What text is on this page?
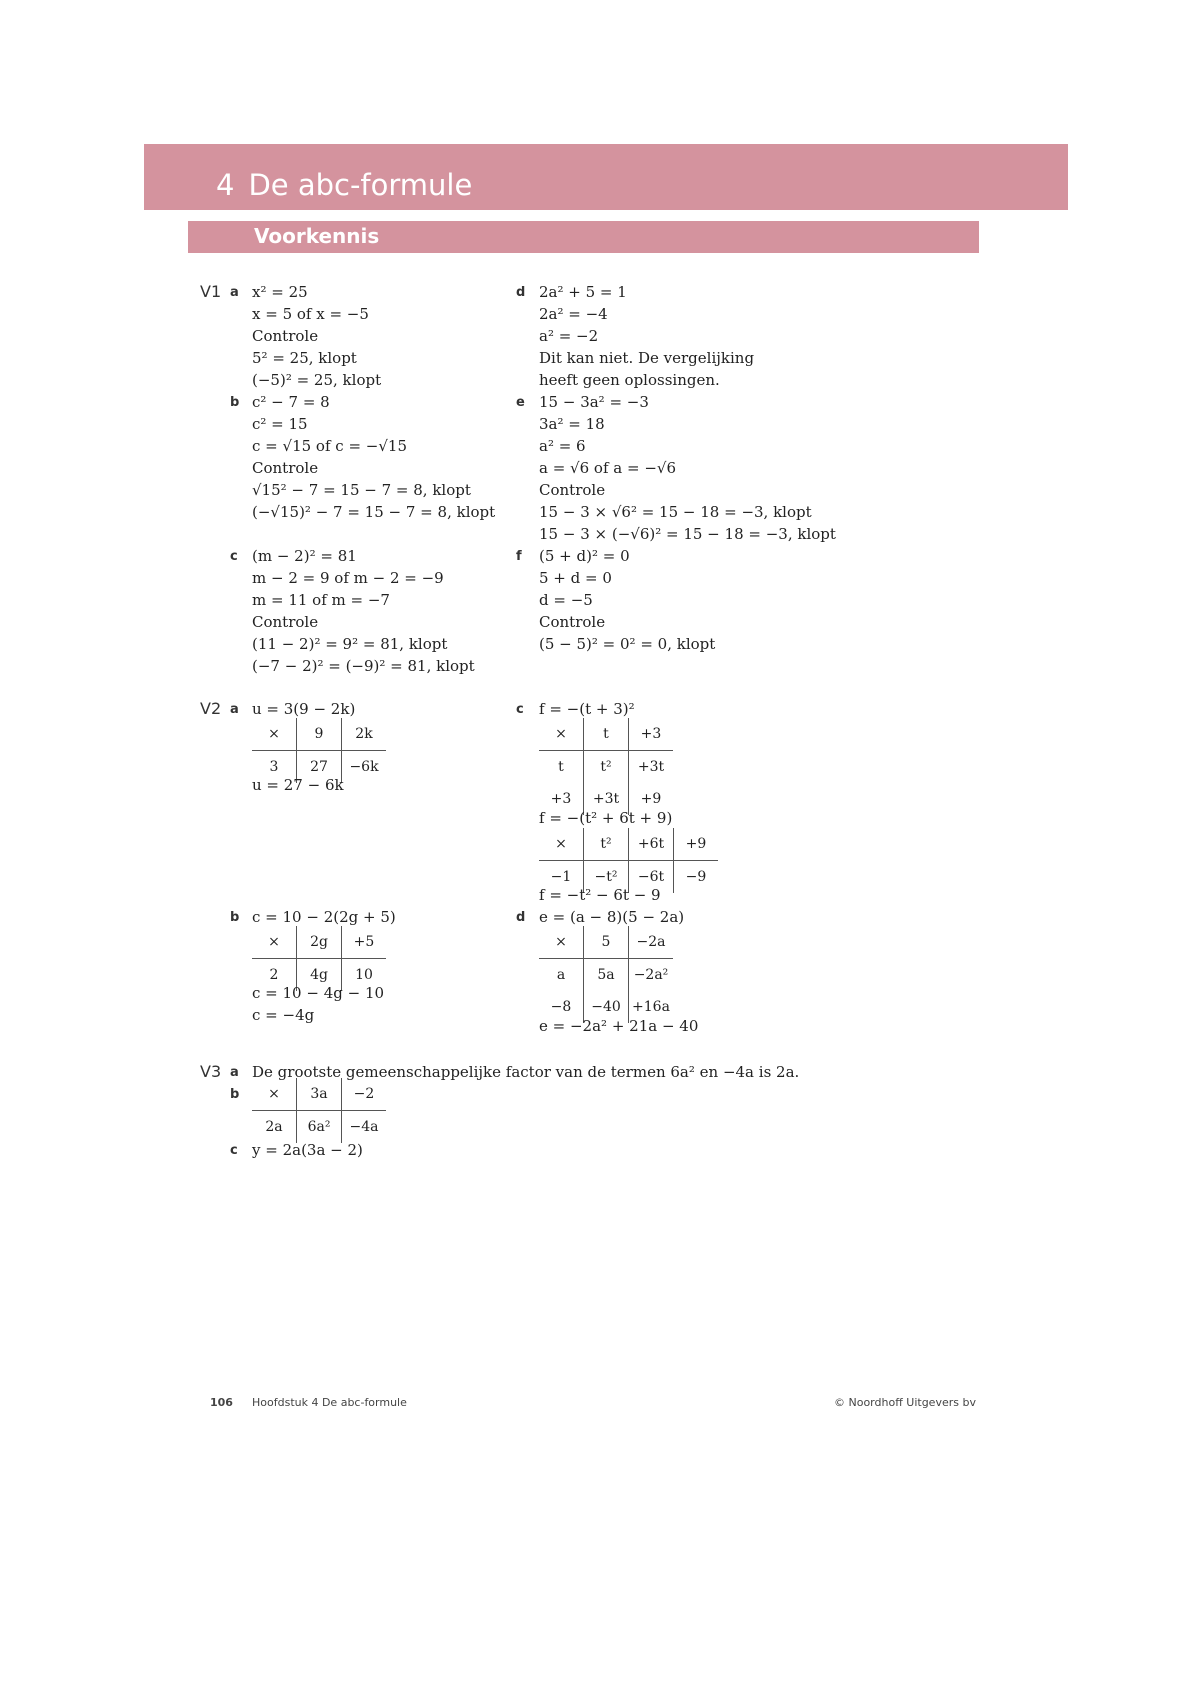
4 De abc-formule
Voorkennis
V1 a x² = 25
x = 5 of x = −5
Controle
5² = 25, klopt
(−5)² = 25, klopt
b c² − 7 = 8
c² = 15
c = √15 of c = −√15
Controle
√15² − 7 = 15 − 7 = 8, klopt
(−√15)² − 7 = 15 − 7 = 8, klopt
c (m − 2)² = 81
m − 2 = 9 of m − 2 = −9
m = 11 of m = −7
Controle
(11 − 2)² = 9² = 81, klopt
(−7 − 2)² = (−9)² = 81, klopt
d 2a² + 5 = 1
2a² = −4
a² = −2
Dit kan niet. De vergelijking
heeft geen oplossingen.
e 15 − 3a² = −3
3a² = 18
a² = 6
a = √6 of a = −√6
Controle
15 − 3 × √6² = 15 − 18 = −3, klopt
15 − 3 × (−√6)² = 15 − 18 = −3, klopt
f (5 + d)² = 0
5 + d = 0
d = −5
Controle
(5 − 5)² = 0² = 0, klopt
V2 a u = 3(9 − 2k)
×	9	2k
3	27	−6k
u = 27 − 6k
b c = 10 − 2(2g + 5)
×	2g	+5
2	4g	10
c = 10 − 4g − 10
c = −4g
c f = −(t + 3)²
×	t	+3
t	t²	+3t
+3	+3t	+9
f = −(t² + 6t + 9)
×	t²	+6t	+9
−1	−t²	−6t	−9
f = −t² − 6t − 9
d e = (a − 8)(5 − 2a)
×	5	−2a
a	5a	−2a²
−8	−40	+16a
e = −2a² + 21a − 40
V3 a De grootste gemeenschappelijke factor van de termen 6a² en −4a is 2a.
b ×	3a	−2
2a	6a²	−4a
c y = 2a(3a − 2)
106 Hoofdstuk 4 De abc-formule	© Noordhoff Uitgevers bv
